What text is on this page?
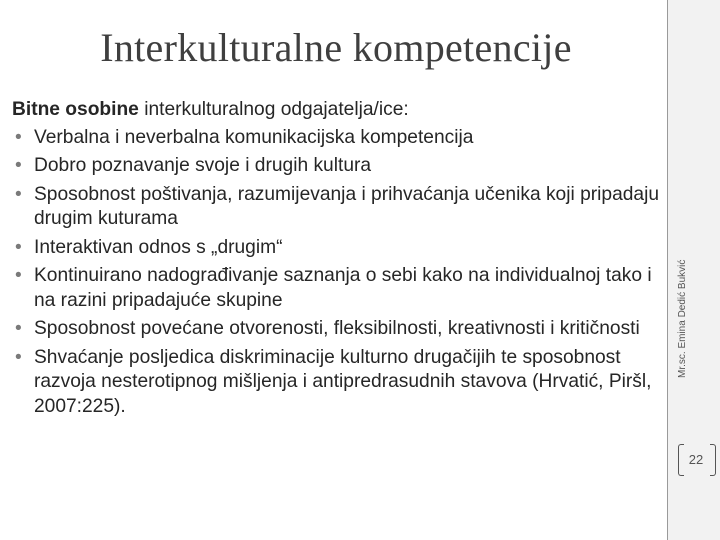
Interkulturalne kompetencije

Bitne osobine interkulturalnog odgajatelja/ice:

• Verbalna i neverbalna komunikacijska kompetencija
• Dobro poznavanje svoje i drugih kultura
• Sposobnost poštivanja, razumijevanja i prihvaćanja učenika koji pripadaju drugim kuturama
• Interaktivan odnos s „drugim“
• Kontinuirano nadograđivanje saznanja o sebi kako na individualnoj tako i na razini pripadajuće skupine
• Sposobnost povećane otvorenosti, fleksibilnosti, kreativnosti i kritičnosti
• Shvaćanje posljedica diskriminacije kulturno drugačijih te sposobnost razvoja nesterotipnog mišljenja i antipredrasudnih stavova (Hrvatić, Piršl, 2007:225).
Mr.sc. Emina Dedić Bukvić
22
